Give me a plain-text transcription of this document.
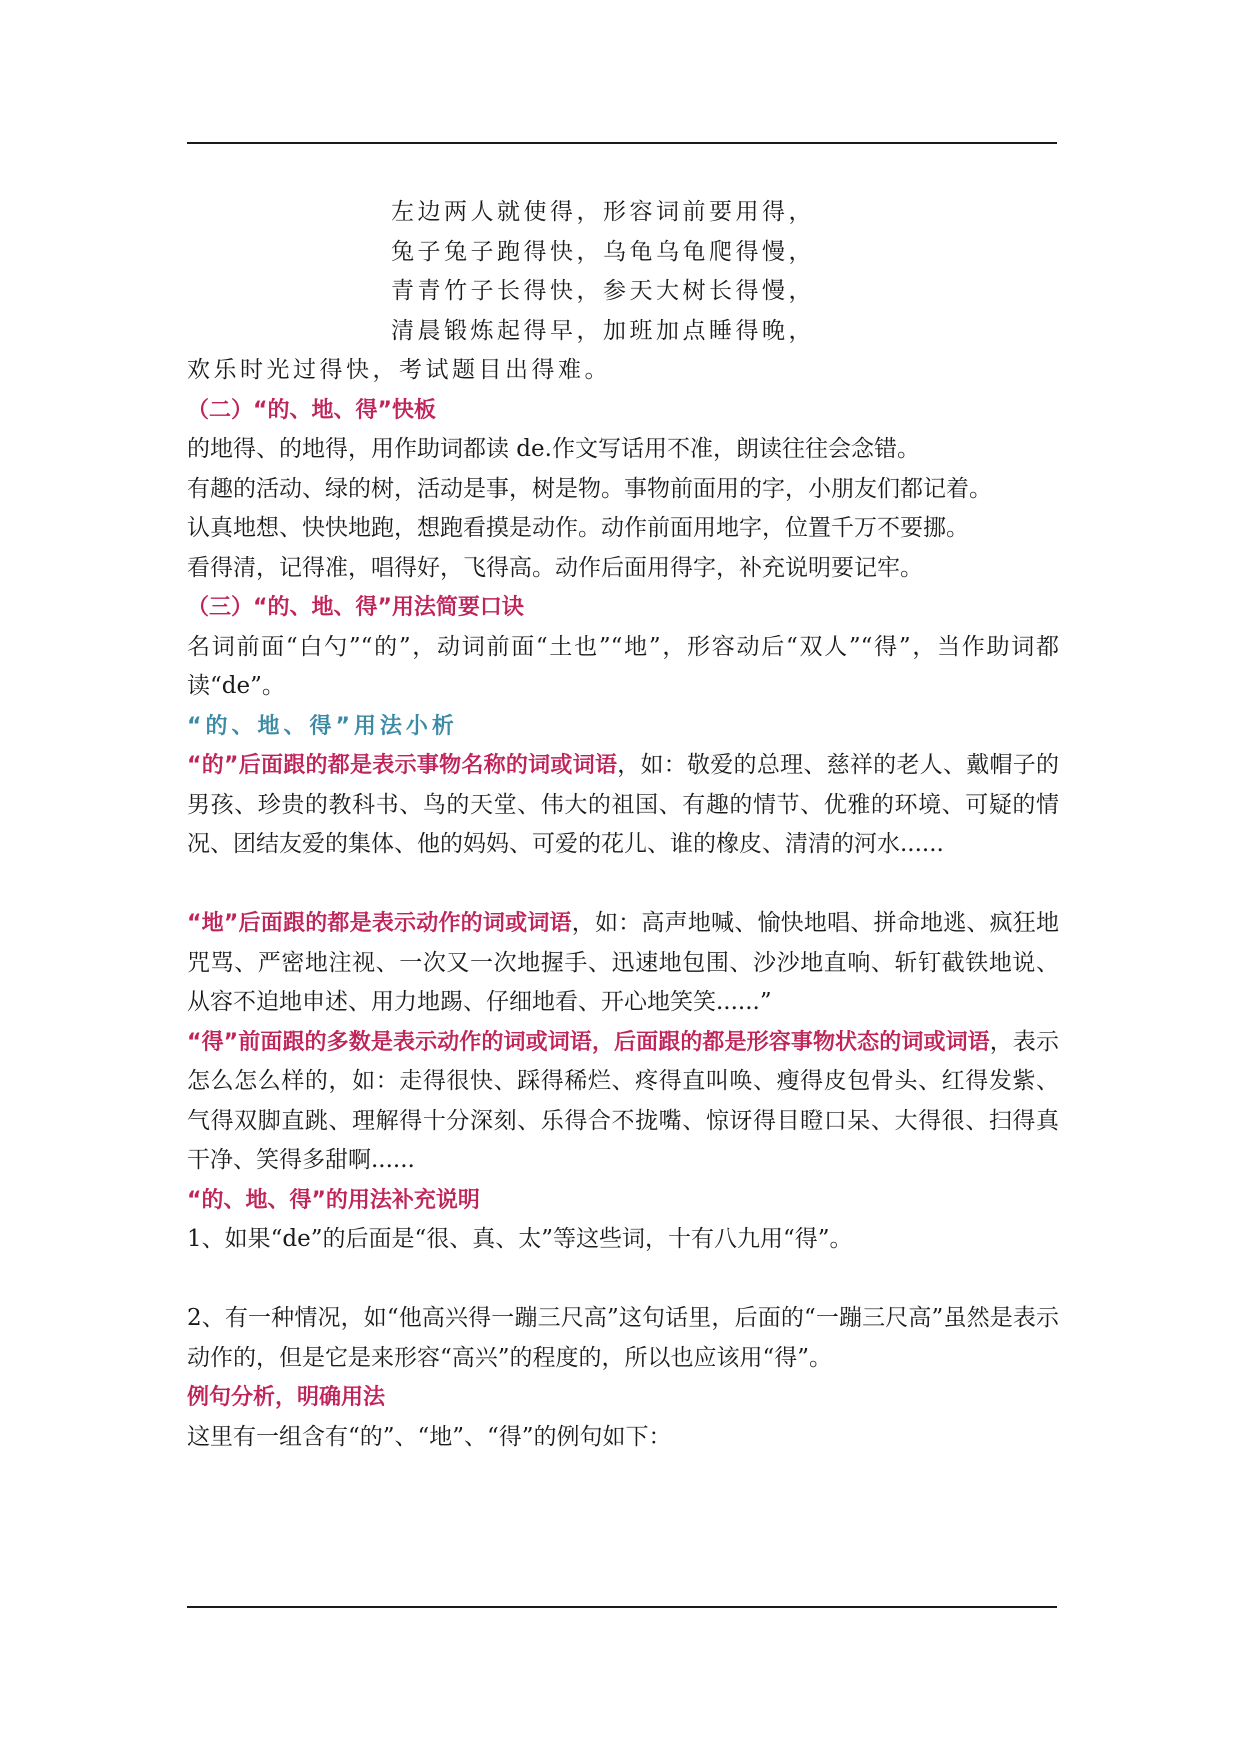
左边两人就使得，形容词前要用得，
兔子兔子跑得快，乌龟乌龟爬得慢，
青青竹子长得快，参天大树长得慢，
清晨锻炼起得早，加班加点睡得晚，
欢乐时光过得快，考试题目出得难。
（二）“的、地、得”快板
的地得、的地得，用作助词都读 de.作文写话用不准，朗读往往会念错。
有趣的活动、绿的树，活动是事，树是物。事物前面用的字，小朋友们都记着。
认真地想、快快地跑，想跑看摸是动作。动作前面用地字，位置千万不要挪。
看得清，记得准，唱得好，飞得高。动作后面用得字，补充说明要记牢。
（三）“的、地、得”用法简要口诀
名词前面“白勺”“的”，动词前面“土也”“地”，形容动后“双人”“得”，当作助词都读“de”。
“的、地、得”用法小析
“的”后面跟的都是表示事物名称的词或词语，如：敬爱的总理、慈祥的老人、戴帽子的男孩、珍贵的教科书、鸟的天堂、伟大的祖国、有趣的情节、优雅的环境、可疑的情况、团结友爱的集体、他的妈妈、可爱的花儿、谁的橡皮、清清的河水......
“地”后面跟的都是表示动作的词或词语，如：高声地喊、愉快地唱、拼命地逃、疯狂地咒骂、严密地注视、一次又一次地握手、迅速地包围、沙沙地直响、斩钉截铁地说、从容不迫地申述、用力地踢、仔细地看、开心地笑笑......”
“得”前面跟的多数是表示动作的词或词语，后面跟的都是形容事物状态的词或词语，表示怎么怎么样的，如：走得很快、踩得稀烂、疼得直叫唤、瘦得皮包骨头、红得发紫、气得双脚直跳、理解得十分深刻、乐得合不拢嘴、惊讶得目瞪口呆、大得很、扫得真干净、笑得多甜啊......
“的、地、得”的用法补充说明
1、如果“de”的后面是“很、真、太”等这些词，十有八九用“得”。
2、有一种情况，如“他高兴得一蹦三尺高”这句话里，后面的“一蹦三尺高”虽然是表示动作的，但是它是来形容“高兴”的程度的，所以也应该用“得”。
例句分析，明确用法
这里有一组含有“的”、“地”、“得”的例句如下：
